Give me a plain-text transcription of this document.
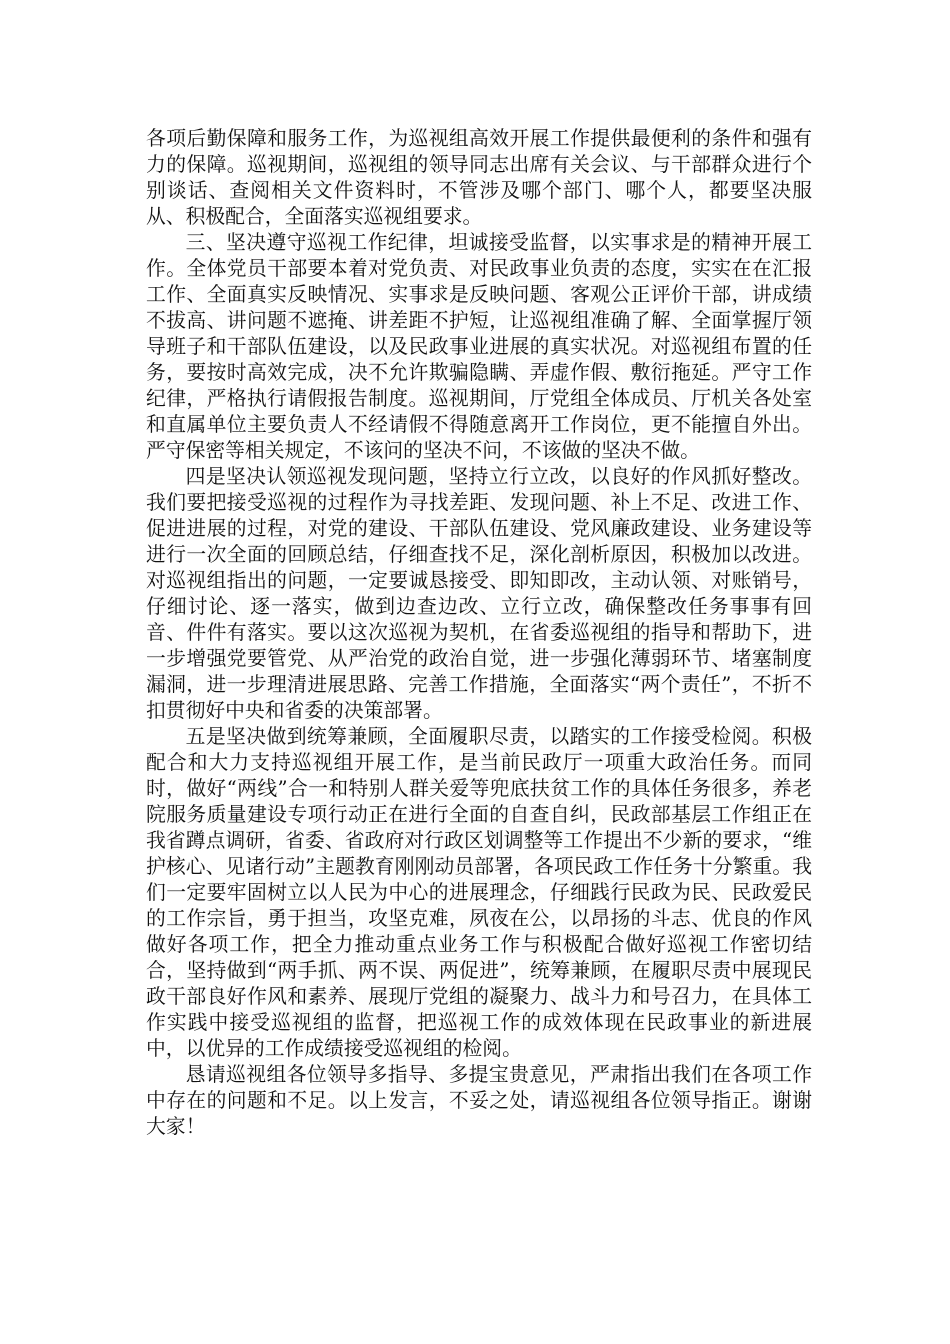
各项后勤保障和服务工作，为巡视组高效开展工作提供最便利的条件和强有力的保障。巡视期间，巡视组的领导同志出席有关会议、与干部群众进行个别谈话、查阅相关文件资料时，不管涉及哪个部门、哪个人，都要坚决服从、积极配合，全面落实巡视组要求。

三、坚决遵守巡视工作纪律，坦诚接受监督，以实事求是的精神开展工作。全体党员干部要本着对党负责、对民政事业负责的态度，实实在在汇报工作、全面真实反映情况、实事求是反映问题、客观公正评价干部，讲成绩不拔高、讲问题不遮掩、讲差距不护短，让巡视组准确了解、全面掌握厅领导班子和干部队伍建设，以及民政事业进展的真实状况。对巡视组布置的任务，要按时高效完成，决不允许欺骗隐瞒、弄虚作假、敷衍拖延。严守工作纪律，严格执行请假报告制度。巡视期间，厅党组全体成员、厅机关各处室和直属单位主要负责人不经请假不得随意离开工作岗位，更不能擅自外出。严守保密等相关规定，不该问的坚决不问，不该做的坚决不做。

四是坚决认领巡视发现问题，坚持立行立改，以良好的作风抓好整改。我们要把接受巡视的过程作为寻找差距、发现问题、补上不足、改进工作、促进进展的过程，对党的建设、干部队伍建设、党风廉政建设、业务建设等进行一次全面的回顾总结，仔细查找不足，深化剖析原因，积极加以改进。对巡视组指出的问题，一定要诚恳接受、即知即改，主动认领、对账销号，仔细讨论、逐一落实，做到边查边改、立行立改，确保整改任务事事有回音、件件有落实。要以这次巡视为契机，在省委巡视组的指导和帮助下，进一步增强党要管党、从严治党的政治自觉，进一步强化薄弱环节、堵塞制度漏洞，进一步理清进展思路、完善工作措施，全面落实“两个责任”，不折不扣贯彻好中央和省委的决策部署。

五是坚决做到统筹兼顾，全面履职尽责，以踏实的工作接受检阅。积极配合和大力支持巡视组开展工作，是当前民政厅一项重大政治任务。而同时，做好“两线”合一和特别人群关爱等兜底扶贫工作的具体任务很多，养老院服务质量建设专项行动正在进行全面的自查自纠，民政部基层工作组正在我省蹲点调研，省委、省政府对行政区划调整等工作提出不少新的要求，“维护核心、见诸行动”主题教育刚刚动员部署，各项民政工作任务十分繁重。我们一定要牢固树立以人民为中心的进展理念，仔细践行民政为民、民政爱民的工作宗旨，勇于担当，攻坚克难，夙夜在公，以昂扬的斗志、优良的作风做好各项工作，把全力推动重点业务工作与积极配合做好巡视工作密切结合，坚持做到“两手抓、两不误、两促进”，统筹兼顾，在履职尽责中展现民政干部良好作风和素养、展现厅党组的凝聚力、战斗力和号召力，在具体工作实践中接受巡视组的监督，把巡视工作的成效体现在民政事业的新进展中，以优异的工作成绩接受巡视组的检阅。

恳请巡视组各位领导多指导、多提宝贵意见，严肃指出我们在各项工作中存在的问题和不足。以上发言，不妥之处，请巡视组各位领导指正。谢谢大家！
